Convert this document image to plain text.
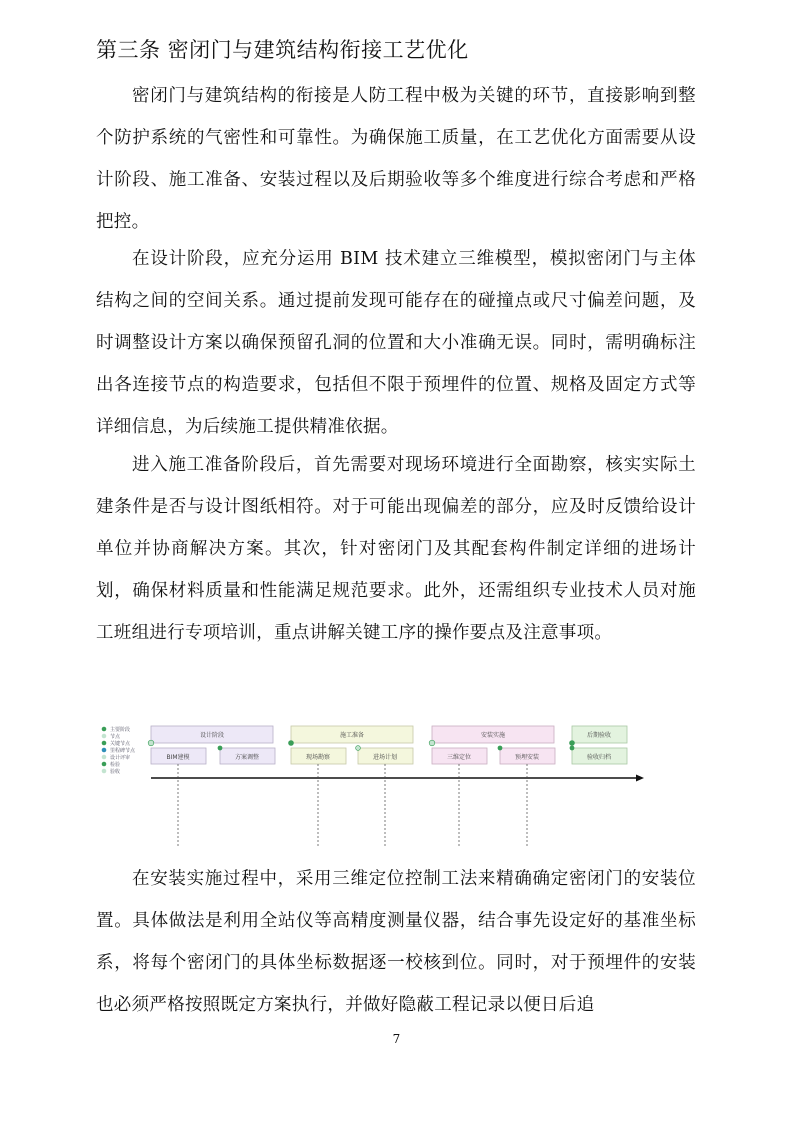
第三条 密闭门与建筑结构衔接工艺优化

密闭门与建筑结构的衔接是人防工程中极为关键的环节，直接影响到整个防护系统的气密性和可靠性。为确保施工质量，在工艺优化方面需要从设计阶段、施工准备、安装过程以及后期验收等多个维度进行综合考虑和严格把控。

在设计阶段，应充分运用 BIM 技术建立三维模型，模拟密闭门与主体结构之间的空间关系。通过提前发现可能存在的碰撞点或尺寸偏差问题，及时调整设计方案以确保预留孔洞的位置和大小准确无误。同时，需明确标注出各连接节点的构造要求，包括但不限于预埋件的位置、规格及固定方式等详细信息，为后续施工提供精准依据。

进入施工准备阶段后，首先需要对现场环境进行全面勘察，核实实际土建条件是否与设计图纸相符。对于可能出现偏差的部分，应及时反馈给设计单位并协商解决方案。其次，针对密闭门及其配套构件制定详细的进场计划，确保材料质量和性能满足规范要求。此外，还需组织专业技术人员对施工班组进行专项培训，重点讲解关键工序的操作要点及注意事项。

主要阶段
节点
关键节点
里程碑节点
设计评审
检验
验收
设计阶段	施工准备	安装实施	后期验收
BIM建模	方案调整	现场勘察	进场计划	三维定位	预埋安装	验收归档

在安装实施过程中，采用三维定位控制工法来精确确定密闭门的安装位置。具体做法是利用全站仪等高精度测量仪器，结合事先设定好的基准坐标系，将每个密闭门的具体坐标数据逐一校核到位。同时，对于预埋件的安装也必须严格按照既定方案执行，并做好隐蔽工程记录以便日后追

7
